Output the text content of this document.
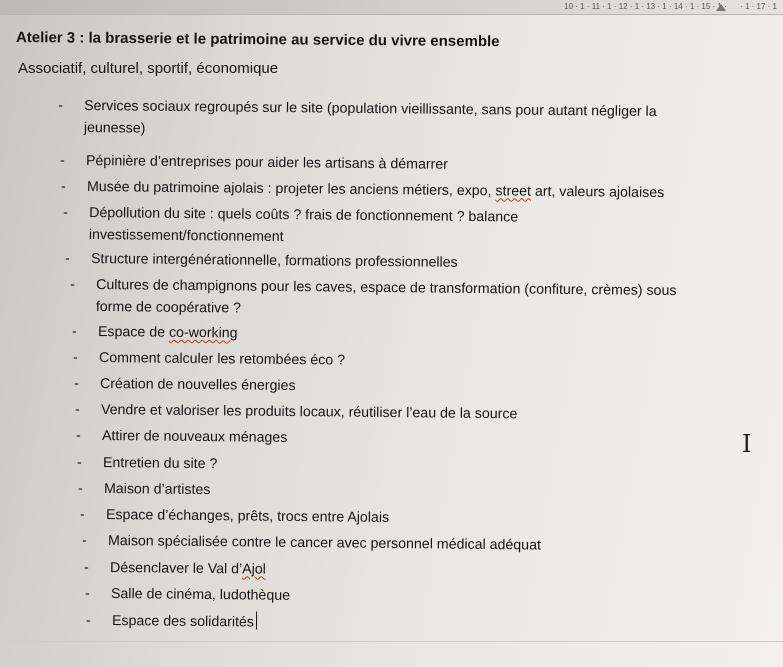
10 · 1 · 11 · 1 · 12 · 1 · 13 · 1 · 14 · 1 · 15 · 1 ·      · 1 · 17 · 1
Atelier 3 : la brasserie et le patrimoine au service du vivre ensemble
Associatif, culturel, sportif, économique
- Services sociaux regroupés sur le site (population vieillissante, sans pour autant négliger la
jeunesse)
- Pépinière d’entreprises pour aider les artisans à démarrer
- Musée du patrimoine ajolais : projeter les anciens métiers, expo, street art, valeurs ajolaises
- Dépollution du site : quels coûts ? frais de fonctionnement ? balance
investissement/fonctionnement
- Structure intergénérationnelle, formations professionnelles
- Cultures de champignons pour les caves, espace de transformation (confiture, crèmes) sous
forme de coopérative ?
- Espace de co-working
- Comment calculer les retombées éco ?
- Création de nouvelles énergies
- Vendre et valoriser les produits locaux, réutiliser l’eau de la source
- Attirer de nouveaux ménages
- Entretien du site ?
- Maison d’artistes
- Espace d’échanges, prêts, trocs entre Ajolais
- Maison spécialisée contre le cancer avec personnel médical adéquat
- Désenclaver le Val d’Ajol
- Salle de cinéma, ludothèque
- Espace des solidarités
I
